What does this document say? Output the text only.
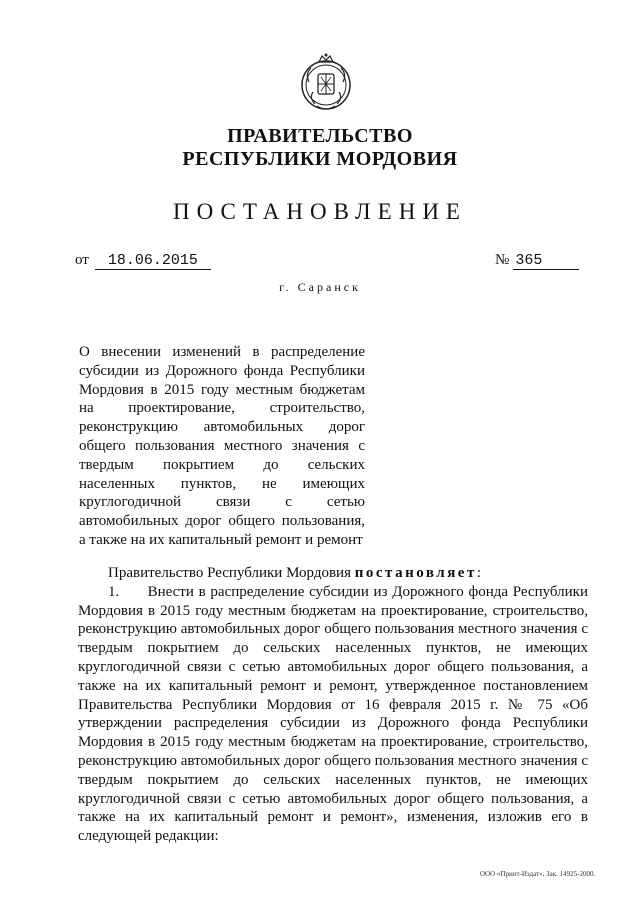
ПРАВИТЕЛЬСТВО
РЕСПУБЛИКИ МОРДОВИЯ
ПОСТАНОВЛЕНИЕ
от 18.06.2015	№ 365
г. Саранск
О внесении изменений в распределение субсидии из Дорожного фонда Республики Мордовия в 2015 году местным бюджетам на проектирование, строительство, реконструкцию автомобильных дорог общего пользования местного значения с твердым покрытием до сельских населенных пунктов, не имеющих круглогодичной связи с сетью автомобильных дорог общего пользования, а также на их капитальный ремонт и ремонт
Правительство Республики Мордовия постановляет:
1.      Внести в распределение субсидии из Дорожного фонда Республики Мордовия в 2015 году местным бюджетам на проектирование, строительство, реконструкцию автомобильных дорог общего пользования местного значения с твердым покрытием до сельских населенных пунктов, не имеющих круглогодичной связи с сетью автомобильных дорог общего пользования, а также на их капитальный ремонт и ремонт, утвержденное постановлением Правительства Республики Мордовия от 16 февраля 2015 г. № 75 «Об утверждении распределения субсидии из Дорожного фонда Республики Мордовия в 2015 году местным бюджетам на проектирование, строительство, реконструкцию автомобильных дорог общего пользования местного значения с твердым покрытием до сельских населенных пунктов, не имеющих круглогодичной связи с сетью автомобильных дорог общего пользования, а также на их капитальный ремонт и ремонт», изменения, изложив его в следующей редакции:
ООО «Принт-Издат», Зак. 14925-2000.
